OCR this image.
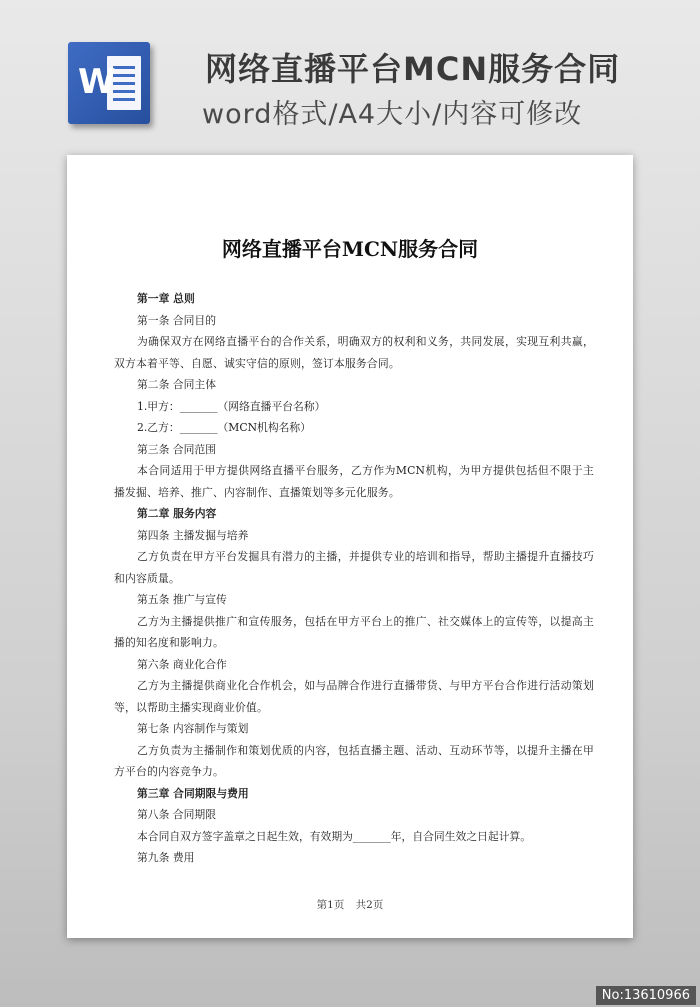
W	网络直播平台MCN服务合同
word格式/A4大小/内容可修改
网络直播平台MCN服务合同
第一章 总则
第一条 合同目的
为确保双方在网络直播平台的合作关系，明确双方的权利和义务，共同发展，实现互利共赢，双方本着平等、自愿、诚实守信的原则，签订本服务合同。
第二条 合同主体
1.甲方：_______（网络直播平台名称）
2.乙方：_______（MCN机构名称）
第三条 合同范围
本合同适用于甲方提供网络直播平台服务，乙方作为MCN机构，为甲方提供包括但不限于主播发掘、培养、推广、内容制作、直播策划等多元化服务。
第二章 服务内容
第四条 主播发掘与培养
乙方负责在甲方平台发掘具有潜力的主播，并提供专业的培训和指导，帮助主播提升直播技巧和内容质量。
第五条 推广与宣传
乙方为主播提供推广和宣传服务，包括在甲方平台上的推广、社交媒体上的宣传等，以提高主播的知名度和影响力。
第六条 商业化合作
乙方为主播提供商业化合作机会，如与品牌合作进行直播带货、与甲方平台合作进行活动策划等，以帮助主播实现商业价值。
第七条 内容制作与策划
乙方负责为主播制作和策划优质的内容，包括直播主题、活动、互动环节等，以提升主播在甲方平台的内容竞争力。
第三章 合同期限与费用
第八条 合同期限
本合同自双方签字盖章之日起生效，有效期为_______年，自合同生效之日起计算。
第九条 费用
第1页 共2页
No:13610966
